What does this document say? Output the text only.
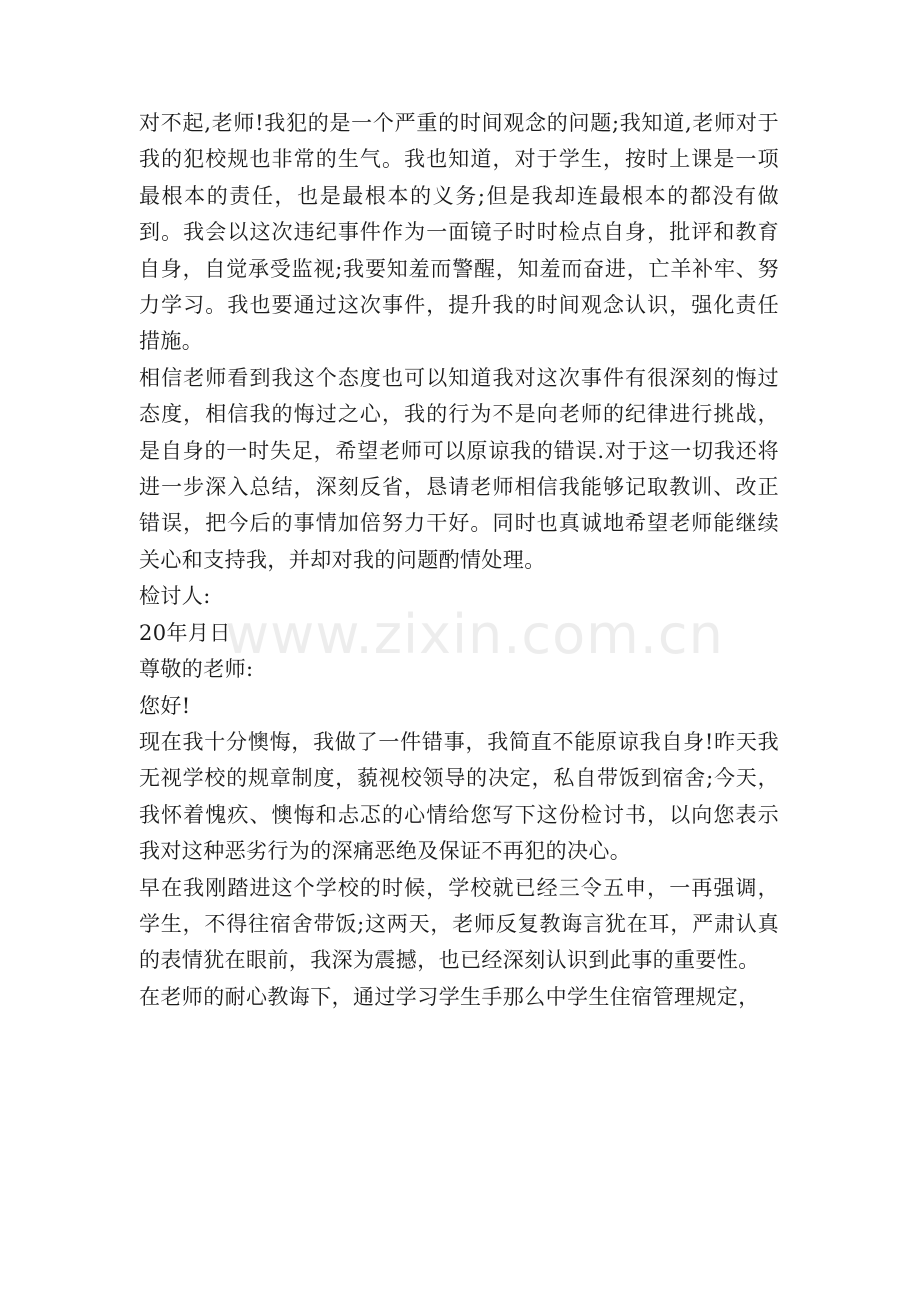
对不起,老师!我犯的是一个严重的时间观念的问题;我知道,老师对于我的犯校规也非常的生气。我也知道，对于学生，按时上课是一项最根本的责任，也是最根本的义务;但是我却连最根本的都没有做到。我会以这次违纪事件作为一面镜子时时检点自身，批评和教育自身，自觉承受监视;我要知羞而警醒，知羞而奋进，亡羊补牢、努力学习。我也要通过这次事件，提升我的时间观念认识，强化责任措施。

相信老师看到我这个态度也可以知道我对这次事件有很深刻的悔过态度，相信我的悔过之心，我的行为不是向老师的纪律进行挑战，是自身的一时失足，希望老师可以原谅我的错误.对于这一切我还将进一步深入总结，深刻反省，恳请老师相信我能够记取教训、改正错误，把今后的事情加倍努力干好。同时也真诚地希望老师能继续关心和支持我，并却对我的问题酌情处理。

检讨人:

20年月日

尊敬的老师:

您好!

现在我十分懊悔，我做了一件错事，我简直不能原谅我自身!昨天我无视学校的规章制度，藐视校领导的决定，私自带饭到宿舍;今天，我怀着愧疚、懊悔和忐忑的心情给您写下这份检讨书，以向您表示我对这种恶劣行为的深痛恶绝及保证不再犯的决心。

早在我刚踏进这个学校的时候，学校就已经三令五申，一再强调，学生，不得往宿舍带饭;这两天，老师反复教诲言犹在耳，严肃认真的表情犹在眼前，我深为震撼，也已经深刻认识到此事的重要性。

在老师的耐心教诲下，通过学习学生手那么中学生住宿管理规定，

www.zixin.com.cn
